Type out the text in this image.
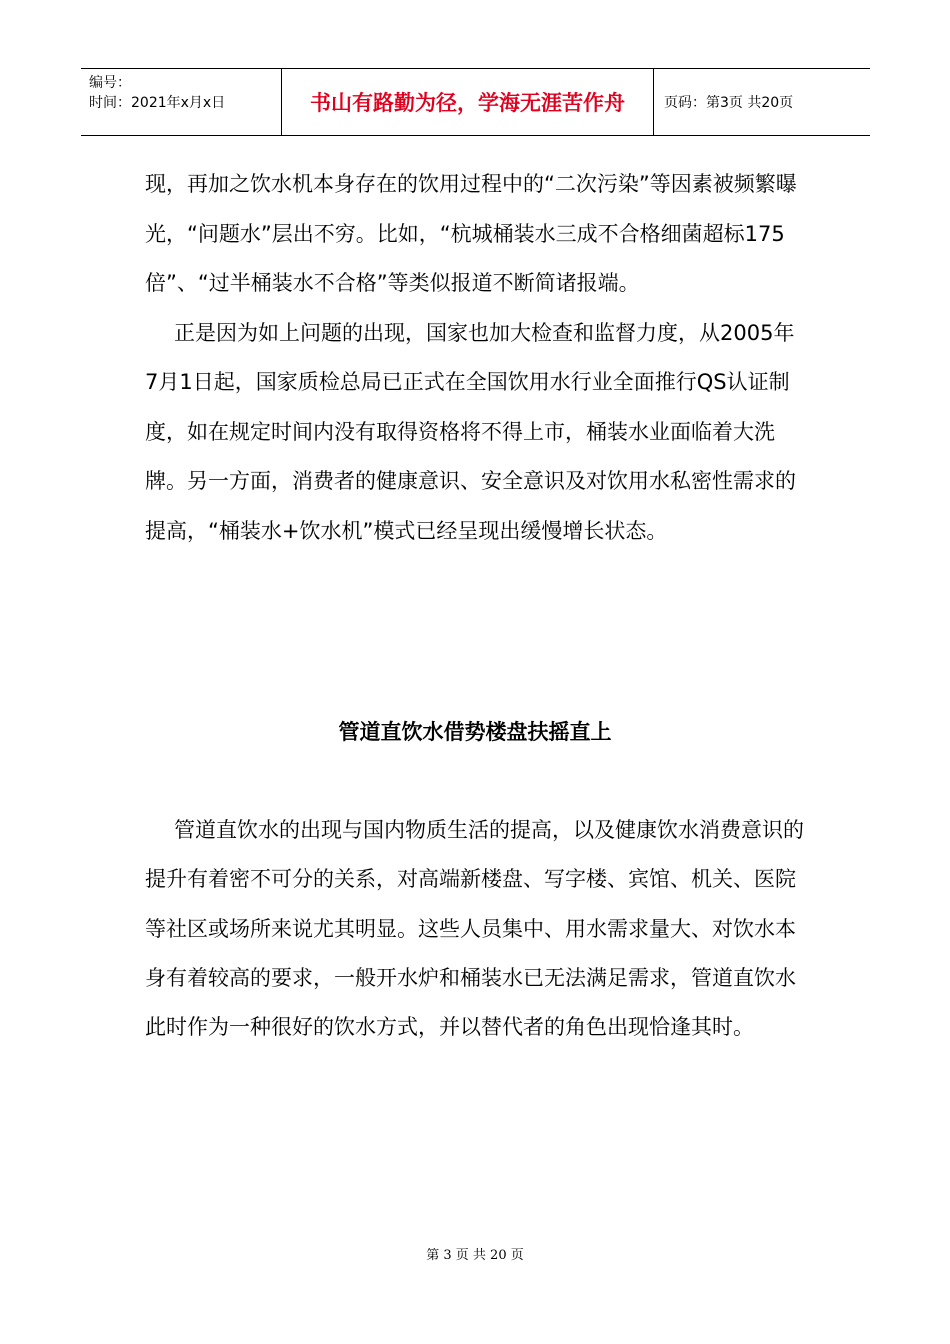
编号：
时间：2021年x月x日	书山有路勤为径，学海无涯苦作舟	页码：第3页 共20页

现，再加之饮水机本身存在的饮用过程中的“二次污染”等因素被频繁曝光，“问题水”层出不穷。比如，“杭城桶装水三成不合格细菌超标175倍”、“过半桶装水不合格”等类似报道不断简诸报端。

正是因为如上问题的出现，国家也加大检查和监督力度，从2005年7月1日起，国家质检总局已正式在全国饮用水行业全面推行QS认证制度，如在规定时间内没有取得资格将不得上市，桶装水业面临着大洗牌。另一方面，消费者的健康意识、安全意识及对饮用水私密性需求的提高，“桶装水+饮水机”模式已经呈现出缓慢增长状态。

管道直饮水借势楼盘扶摇直上

管道直饮水的出现与国内物质生活的提高，以及健康饮水消费意识的提升有着密不可分的关系，对高端新楼盘、写字楼、宾馆、机关、医院等社区或场所来说尤其明显。这些人员集中、用水需求量大、对饮水本身有着较高的要求，一般开水炉和桶装水已无法满足需求，管道直饮水此时作为一种很好的饮水方式，并以替代者的角色出现恰逢其时。

第 3 页 共 20 页
